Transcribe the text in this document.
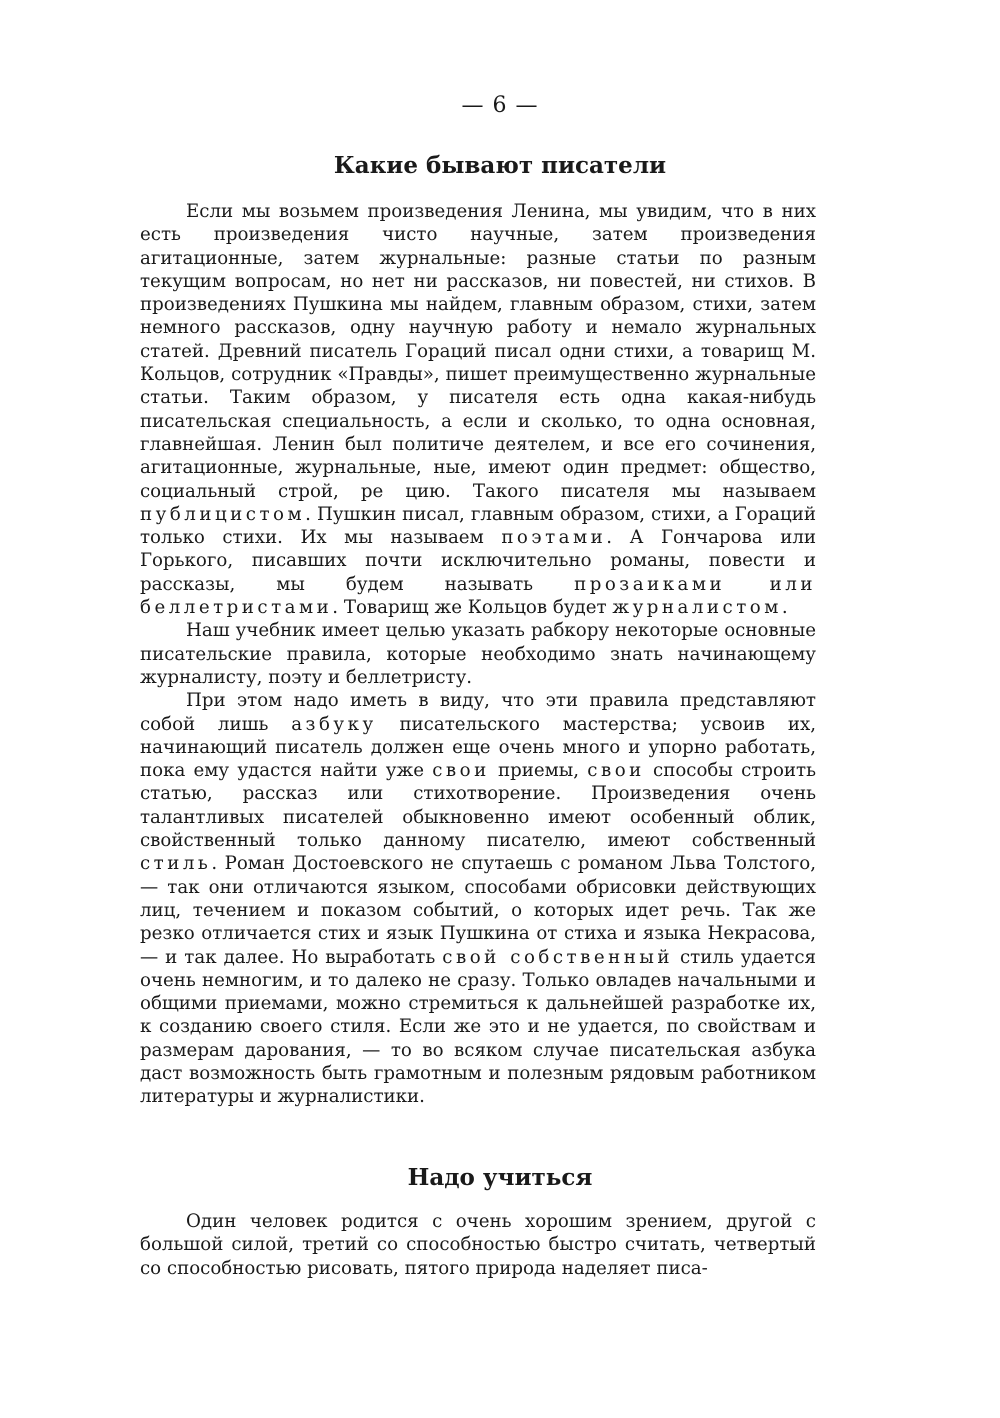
— 6 —
Какие бывают писатели

Если мы возьмем произведения Ленина, мы увидим, что в них есть произведения чисто научные, затем произведения агитационные, затем журнальные: разные статьи по разным текущим вопросам, но нет ни рассказов, ни повестей, ни стихов. В произведениях Пушкина мы найдем, главным образом, стихи, затем немного рассказов, одну научную работу и немало журнальных статей. Древний писатель Гораций писал одни стихи, а товарищ М. Кольцов, сотрудник «Правды», пишет преимущественно журнальные статьи. Таким образом, у писателя есть одна какая-нибудь писательская специальность, а если и сколько, то одна основная, главнейшая. Ленин был политиче деятелем, и все его сочинения, агитационные, журнальные, ные, имеют один предмет: общество, социальный строй, ре цию. Такого писателя мы называем публицистом. Пушкин писал, главным образом, стихи, а Гораций только стихи. Их мы называем поэтами. А Гончарова или Горького, писавших почти исключительно романы, повести и рассказы, мы будем называть прозаиками или беллетристами. Товарищ же Кольцов будет журналистом.

Наш учебник имеет целью указать рабкору некоторые основные писательские правила, которые необходимо знать начинающему журналисту, поэту и беллетристу.

При этом надо иметь в виду, что эти правила представляют собой лишь азбуку писательского мастерства; усвоив их, начинающий писатель должен еще очень много и упорно работать, пока ему удастся найти уже свои приемы, свои способы строить статью, рассказ или стихотворение. Произведения очень талантливых писателей обыкновенно имеют особенный облик, свойственный только данному писателю, имеют собственный стиль. Роман Достоевского не спутаешь с романом Льва Толстого, — так они отличаются языком, способами обрисовки действующих лиц, течением и показом событий, о которых идет речь. Так же резко отличается стих и язык Пушкина от стиха и языка Некрасова, — и так далее. Но выработать свой собственный стиль удается очень немногим, и то далеко не сразу. Только овладев начальными и общими приемами, можно стремиться к дальнейшей разработке их, к созданию своего стиля. Если же это и не удается, по свойствам и размерам дарования, — то во всяком случае писательская азбука даст возможность быть грамотным и полезным рядовым работником литературы и журналистики.

Надо учиться

Один человек родится с очень хорошим зрением, другой с большой силой, третий со способностью быстро считать, четвертый со способностью рисовать, пятого природа наделяет писа-
